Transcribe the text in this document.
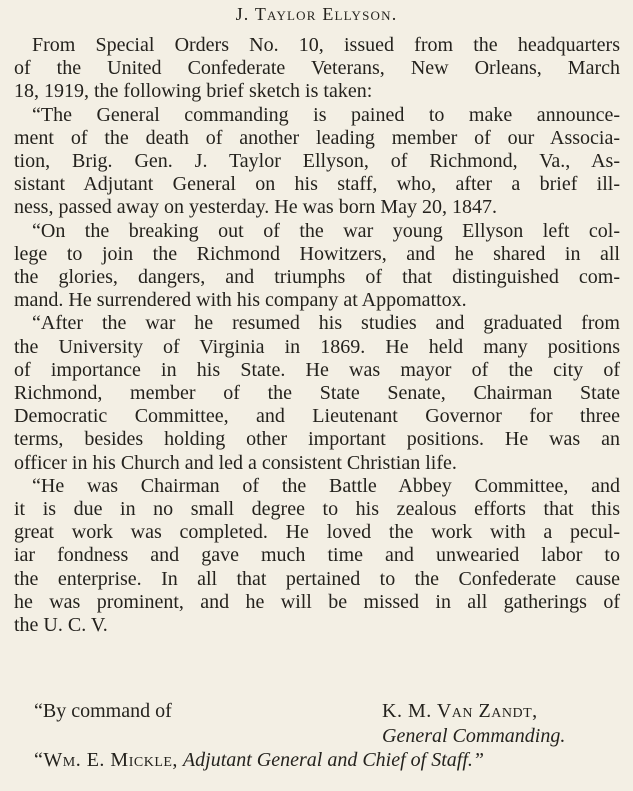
J. Taylor Ellyson.
From Special Orders No. 10, issued from the headquarters
of the United Confederate Veterans, New Orleans, March
18, 1919, the following brief sketch is taken:
“The General commanding is pained to make announce-
ment of the death of another leading member of our Associa-
tion, Brig. Gen. J. Taylor Ellyson, of Richmond, Va., As-
sistant Adjutant General on his staff, who, after a brief ill-
ness, passed away on yesterday. He was born May 20, 1847.
“On the breaking out of the war young Ellyson left col-
lege to join the Richmond Howitzers, and he shared in all
the glories, dangers, and triumphs of that distinguished com-
mand. He surrendered with his company at Appomattox.
“After the war he resumed his studies and graduated from
the University of Virginia in 1869. He held many positions
of importance in his State. He was mayor of the city of
Richmond, member of the State Senate, Chairman State
Democratic Committee, and Lieutenant Governor for three
terms, besides holding other important positions. He was an
officer in his Church and led a consistent Christian life.
“He was Chairman of the Battle Abbey Committee, and
it is due in no small degree to his zealous efforts that this
great work was completed. He loved the work with a pecul-
iar fondness and gave much time and unwearied labor to
the enterprise. In all that pertained to the Confederate cause
he was prominent, and he will be missed in all gatherings of
the U. C. V.
“By command of	K. M. Van Zandt,
General Commanding.
“Wm. E. Mickle, Adjutant General and Chief of Staff.”
